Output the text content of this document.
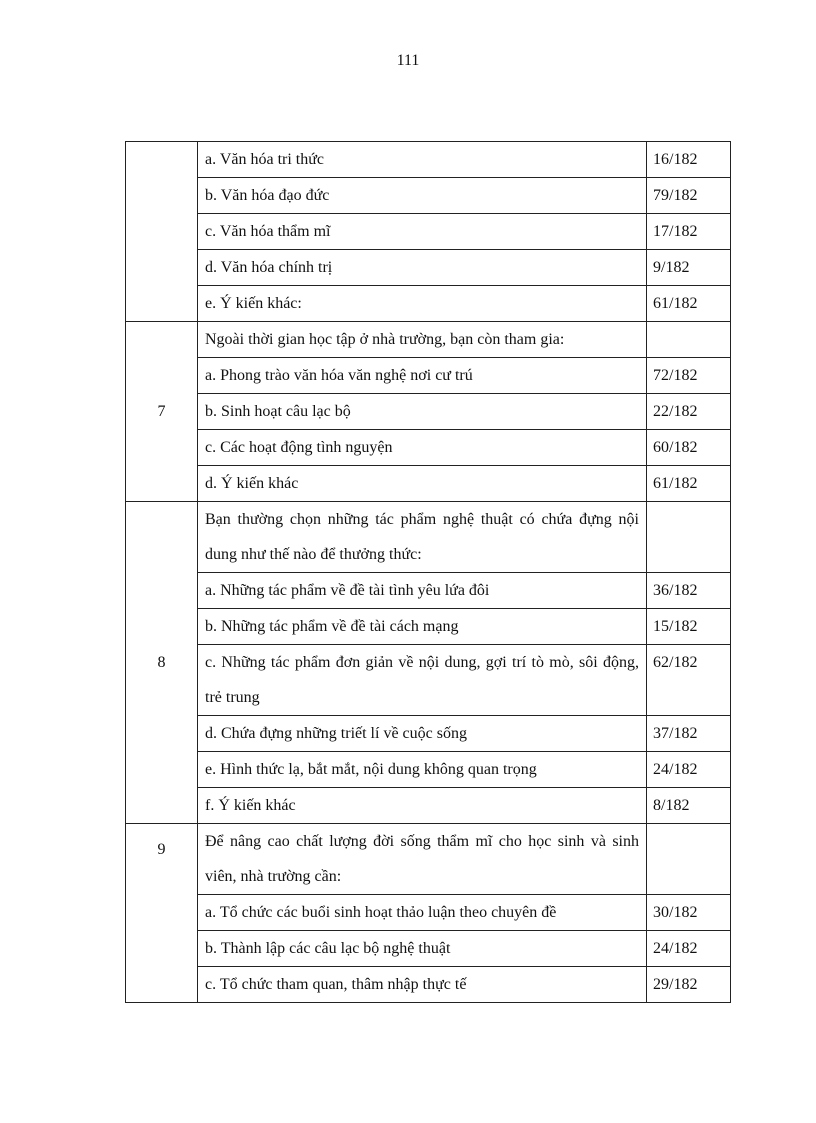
111
	a. Văn hóa tri thức	16/182
	b. Văn hóa đạo đức	79/182
	c. Văn hóa thẩm mĩ	17/182
	d. Văn hóa chính trị	9/182
	e. Ý kiến khác:	61/182
7	Ngoài thời gian học tập ở nhà trường, bạn còn tham gia:	
	a. Phong trào văn hóa văn nghệ nơi cư trú	72/182
	b. Sinh hoạt câu lạc bộ	22/182
	c. Các hoạt động tình nguyện	60/182
	d. Ý kiến khác	61/182
8	Bạn thường chọn những tác phẩm nghệ thuật có chứa đựng nội dung như thế nào để thưởng thức:	
	a. Những tác phẩm về đề tài tình yêu lứa đôi	36/182
	b. Những tác phẩm về đề tài cách mạng	15/182
	c. Những tác phẩm đơn giản về nội dung, gợi trí tò mò, sôi động, trẻ trung	62/182
	d. Chứa đựng những triết lí về cuộc sống	37/182
	e. Hình thức lạ, bắt mắt, nội dung không quan trọng	24/182
	f. Ý kiến khác	8/182
9	Để nâng cao chất lượng đời sống thẩm mĩ cho học sinh và sinh viên, nhà trường cần:	
	a. Tổ chức các buổi sinh hoạt thảo luận theo chuyên đề	30/182
	b. Thành lập các câu lạc bộ nghệ thuật	24/182
	c. Tổ chức tham quan, thâm nhập thực tế	29/182
